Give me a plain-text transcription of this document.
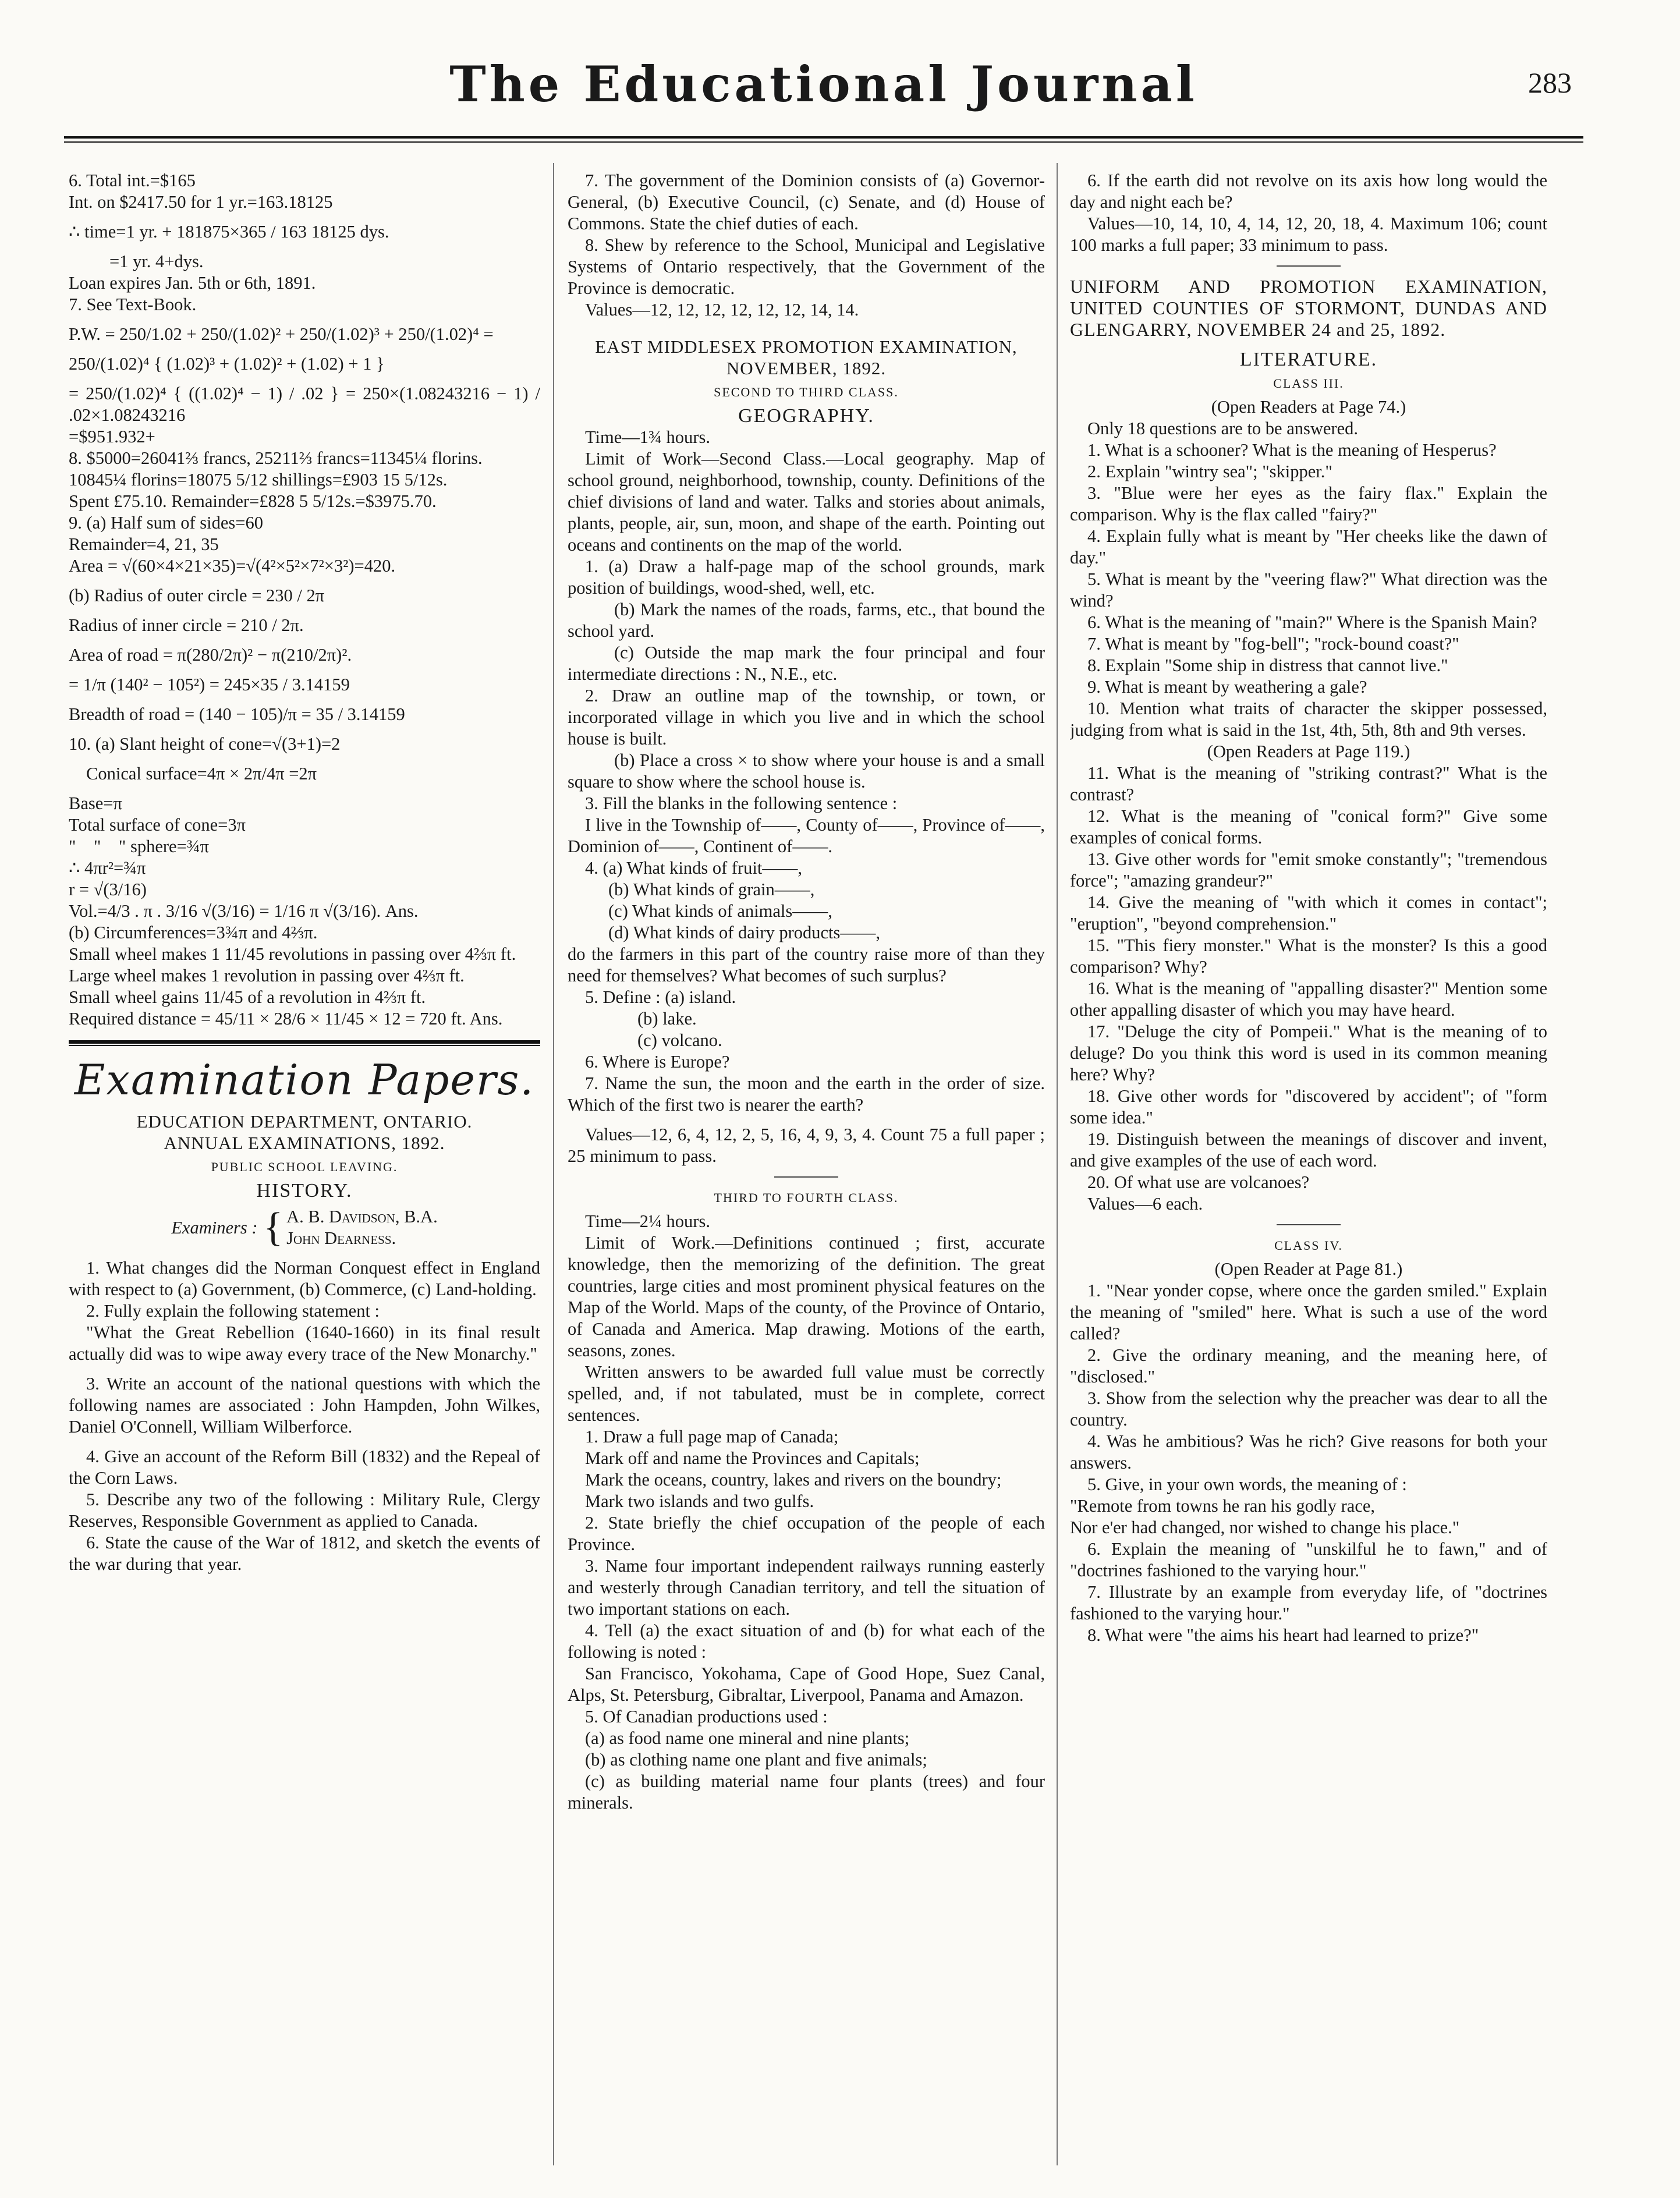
The Educational Journal	283

6. Total int.=$165

Int. on $2417.50 for 1 yr.=163.18125

∴ time=1 yr. + 181875×365 / 163 18125 dys.

=1 yr. 4+dys.

Loan expires Jan. 5th or 6th, 1891.

7. See Text-Book.

P.W. = 250/1.02 + 250/(1.02)² + 250/(1.02)³ + 250/(1.02)⁴ =

250/(1.02)⁴ { (1.02)³ + (1.02)² + (1.02) + 1 }

= 250/(1.02)⁴ { ((1.02)⁴ − 1) / .02 } = 250×(1.08243216 − 1) / .02×1.08243216

=$951.932+

8. $5000=26041⅔ francs, 25211⅔ francs=11345¼ florins.

10845¼ florins=18075 5/12 shillings=£903 15 5/12s.

Spent £75.10. Remainder=£828 5 5/12s.=$3975.70.

9. (a) Half sum of sides=60

Remainder=4, 21, 35

Area = √(60×4×21×35)=√(4²×5²×7²×3²)=420.

(b) Radius of outer circle = 230 / 2π

Radius of inner circle = 210 / 2π.

Area of road = π(280/2π)² − π(210/2π)².

= 1/π (140² − 105²) = 245×35 / 3.14159

Breadth of road = (140 − 105)/π = 35 / 3.14159

10. (a) Slant height of cone=√(3+1)=2

Conical surface=4π × 2π/4π =2π

Base=π

Total surface of cone=3π

"    "    " sphere=¾π

∴ 4πr²=¾π

r = √(3/16)

Vol.=4/3 . π . 3/16 √(3/16) = 1/16 π √(3/16). Ans.

(b) Circumferences=3¾π and 4⅔π.

Small wheel makes 1 11/45 revolutions in passing over 4⅔π ft.

Large wheel makes 1 revolution in passing over 4⅔π ft.

Small wheel gains 11/45 of a revolution in 4⅔π ft.

Required distance = 45/11 × 28/6 × 11/45 × 12 = 720 ft. Ans.

Examination Papers.

EDUCATION DEPARTMENT, ONTARIO.

ANNUAL EXAMINATIONS, 1892.

PUBLIC SCHOOL LEAVING.

HISTORY.

Examiners : { A. B. Davidson, B.A.
John Dearness.

1. What changes did the Norman Conquest effect in England with respect to (a) Government, (b) Commerce, (c) Land-holding.

2. Fully explain the following statement :

"What the Great Rebellion (1640-1660) in its final result actually did was to wipe away every trace of the New Monarchy."

3. Write an account of the national questions with which the following names are associated : John Hampden, John Wilkes, Daniel O'Connell, William Wilberforce.

4. Give an account of the Reform Bill (1832) and the Repeal of the Corn Laws.

5. Describe any two of the following : Military Rule, Clergy Reserves, Responsible Government as applied to Canada.

6. State the cause of the War of 1812, and sketch the events of the war during that year.

7. The government of the Dominion consists of (a) Governor-General, (b) Executive Council, (c) Senate, and (d) House of Commons. State the chief duties of each.

8. Shew by reference to the School, Municipal and Legislative Systems of Ontario respectively, that the Government of the Province is democratic.

Values—12, 12, 12, 12, 12, 12, 14, 14.

EAST MIDDLESEX PROMOTION EXAMINATION, NOVEMBER, 1892.

SECOND TO THIRD CLASS.

GEOGRAPHY.

Time—1¾ hours.

Limit of Work—Second Class.—Local geography. Map of school ground, neighborhood, township, county. Definitions of the chief divisions of land and water. Talks and stories about animals, plants, people, air, sun, moon, and shape of the earth. Pointing out oceans and continents on the map of the world.

1. (a) Draw a half-page map of the school grounds, mark position of buildings, wood-shed, well, etc.

(b) Mark the names of the roads, farms, etc., that bound the school yard.

(c) Outside the map mark the four principal and four intermediate directions : N., N.E., etc.

2. Draw an outline map of the township, or town, or incorporated village in which you live and in which the school house is built.

(b) Place a cross × to show where your house is and a small square to show where the school house is.

3. Fill the blanks in the following sentence :

I live in the Township of——, County of——, Province of——, Dominion of——, Continent of——.

4. (a) What kinds of fruit——,

(b) What kinds of grain——,

(c) What kinds of animals——,

(d) What kinds of dairy products——,

do the farmers in this part of the country raise more of than they need for themselves? What becomes of such surplus?

5. Define : (a) island.

(b) lake.

(c) volcano.

6. Where is Europe?

7. Name the sun, the moon and the earth in the order of size. Which of the first two is nearer the earth?

Values—12, 6, 4, 12, 2, 5, 16, 4, 9, 3, 4. Count 75 a full paper ; 25 minimum to pass.

THIRD TO FOURTH CLASS.

Time—2¼ hours.

Limit of Work.—Definitions continued ; first, accurate knowledge, then the memorizing of the definition. The great countries, large cities and most prominent physical features on the Map of the World. Maps of the county, of the Province of Ontario, of Canada and America. Map drawing. Motions of the earth, seasons, zones.

Written answers to be awarded full value must be correctly spelled, and, if not tabulated, must be in complete, correct sentences.

1. Draw a full page map of Canada;

Mark off and name the Provinces and Capitals;

Mark the oceans, country, lakes and rivers on the boundry;

Mark two islands and two gulfs.

2. State briefly the chief occupation of the people of each Province.

3. Name four important independent railways running easterly and westerly through Canadian territory, and tell the situation of two important stations on each.

4. Tell (a) the exact situation of and (b) for what each of the following is noted :

San Francisco, Yokohama, Cape of Good Hope, Suez Canal, Alps, St. Petersburg, Gibraltar, Liverpool, Panama and Amazon.

5. Of Canadian productions used :

(a) as food name one mineral and nine plants;

(b) as clothing name one plant and five animals;

(c) as building material name four plants (trees) and four minerals.

6. If the earth did not revolve on its axis how long would the day and night each be?

Values—10, 14, 10, 4, 14, 12, 20, 18, 4. Maximum 106; count 100 marks a full paper; 33 minimum to pass.

UNIFORM AND PROMOTION EXAMINATION, UNITED COUNTIES OF STORMONT, DUNDAS AND GLENGARRY, NOVEMBER 24 and 25, 1892.

LITERATURE.

CLASS III.

(Open Readers at Page 74.)

Only 18 questions are to be answered.

1. What is a schooner? What is the meaning of Hesperus?

2. Explain "wintry sea"; "skipper."

3. "Blue were her eyes as the fairy flax." Explain the comparison. Why is the flax called "fairy?"

4. Explain fully what is meant by "Her cheeks like the dawn of day."

5. What is meant by the "veering flaw?" What direction was the wind?

6. What is the meaning of "main?" Where is the Spanish Main?

7. What is meant by "fog-bell"; "rock-bound coast?"

8. Explain "Some ship in distress that cannot live."

9. What is meant by weathering a gale?

10. Mention what traits of character the skipper possessed, judging from what is said in the 1st, 4th, 5th, 8th and 9th verses.

(Open Readers at Page 119.)

11. What is the meaning of "striking contrast?" What is the contrast?

12. What is the meaning of "conical form?" Give some examples of conical forms.

13. Give other words for "emit smoke constantly"; "tremendous force"; "amazing grandeur?"

14. Give the meaning of "with which it comes in contact"; "eruption", "beyond comprehension."

15. "This fiery monster." What is the monster? Is this a good comparison? Why?

16. What is the meaning of "appalling disaster?" Mention some other appalling disaster of which you may have heard.

17. "Deluge the city of Pompeii." What is the meaning of to deluge? Do you think this word is used in its common meaning here? Why?

18. Give other words for "discovered by accident"; of "form some idea."

19. Distinguish between the meanings of discover and invent, and give examples of the use of each word.

20. Of what use are volcanoes?

Values—6 each.

CLASS IV.

(Open Reader at Page 81.)

1. "Near yonder copse, where once the garden smiled." Explain the meaning of "smiled" here. What is such a use of the word called?

2. Give the ordinary meaning, and the meaning here, of "disclosed."

3. Show from the selection why the preacher was dear to all the country.

4. Was he ambitious? Was he rich? Give reasons for both your answers.

5. Give, in your own words, the meaning of :

"Remote from towns he ran his godly race,

Nor e'er had changed, nor wished to change his place."

6. Explain the meaning of "unskilful he to fawn," and of "doctrines fashioned to the varying hour."

7. Illustrate by an example from everyday life, of "doctrines fashioned to the varying hour."

8. What were "the aims his heart had learned to prize?"
